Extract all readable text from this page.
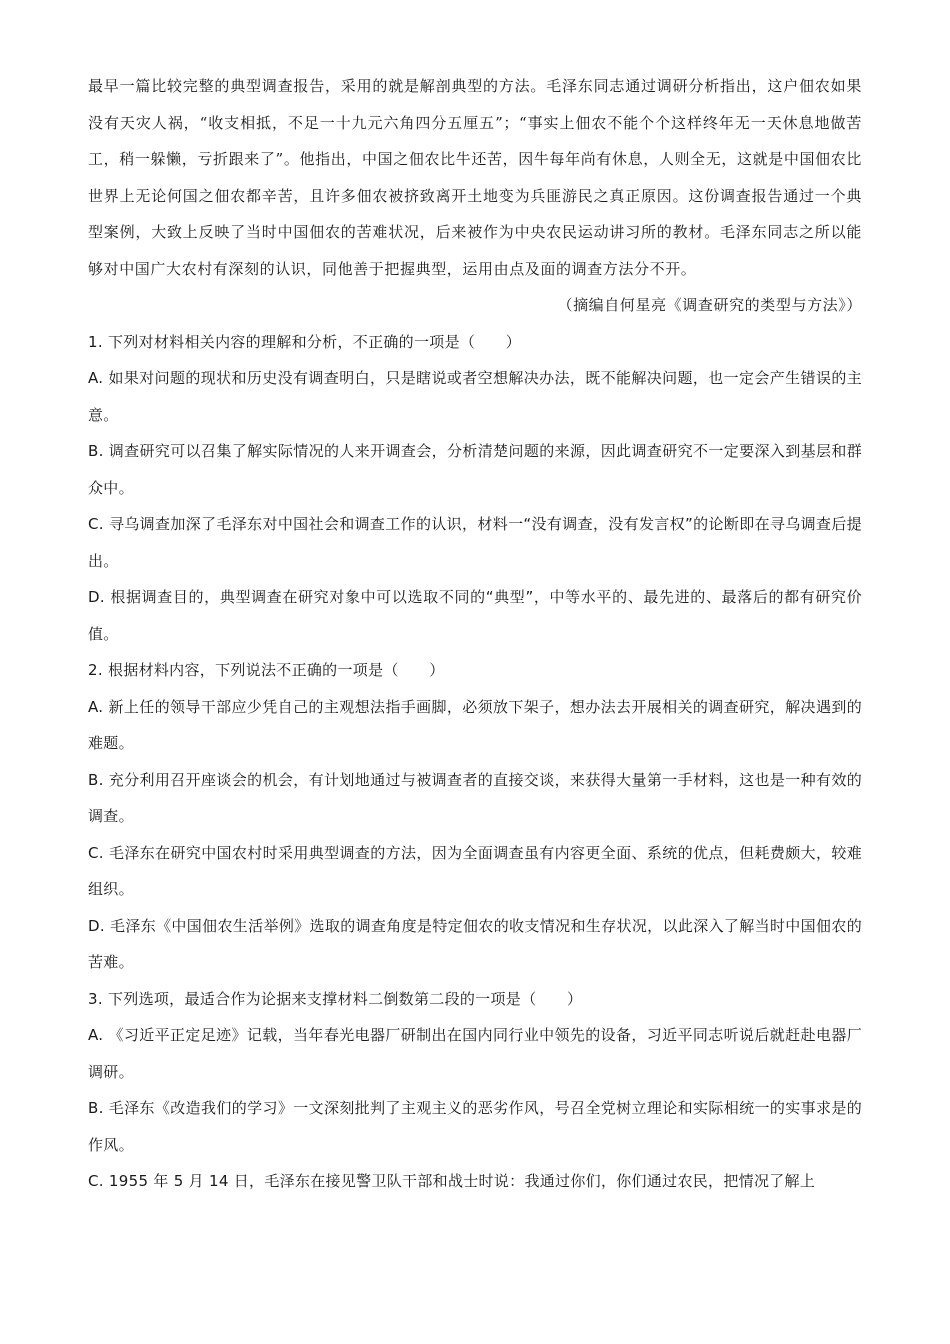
最早一篇比较完整的典型调查报告，采用的就是解剖典型的方法。毛泽东同志通过调研分析指出，这户佃农如果没有天灾人祸，“收支相抵，不足一十九元六角四分五厘五”；“事实上佃农不能个个这样终年无一天休息地做苦工，稍一躲懒，亏折跟来了”。他指出，中国之佃农比牛还苦，因牛每年尚有休息，人则全无，这就是中国佃农比世界上无论何国之佃农都辛苦，且许多佃农被挤致离开土地变为兵匪游民之真正原因。这份调查报告通过一个典型案例，大致上反映了当时中国佃农的苦难状况，后来被作为中央农民运动讲习所的教材。毛泽东同志之所以能够对中国广大农村有深刻的认识，同他善于把握典型，运用由点及面的调查方法分不开。

（摘编自何星亮《调查研究的类型与方法》）

1. 下列对材料相关内容的理解和分析，不正确的一项是（　　）

A. 如果对问题的现状和历史没有调查明白，只是瞎说或者空想解决办法，既不能解决问题，也一定会产生错误的主意。

B. 调查研究可以召集了解实际情况的人来开调查会，分析清楚问题的来源，因此调查研究不一定要深入到基层和群众中。

C. 寻乌调查加深了毛泽东对中国社会和调查工作的认识，材料一“没有调查，没有发言权”的论断即在寻乌调查后提出。

D. 根据调查目的，典型调查在研究对象中可以选取不同的“典型”，中等水平的、最先进的、最落后的都有研究价值。

2. 根据材料内容，下列说法不正确的一项是（　　）

A. 新上任的领导干部应少凭自己的主观想法指手画脚，必须放下架子，想办法去开展相关的调查研究，解决遇到的难题。

B. 充分利用召开座谈会的机会，有计划地通过与被调查者的直接交谈，来获得大量第一手材料，这也是一种有效的调查。

C. 毛泽东在研究中国农村时采用典型调查的方法，因为全面调查虽有内容更全面、系统的优点，但耗费颇大，较难组织。

D. 毛泽东《中国佃农生活举例》选取的调查角度是特定佃农的收支情况和生存状况，以此深入了解当时中国佃农的苦难。

3. 下列选项，最适合作为论据来支撑材料二倒数第二段的一项是（　　）

A. 《习近平正定足迹》记载，当年春光电器厂研制出在国内同行业中领先的设备，习近平同志听说后就赶赴电器厂调研。

B. 毛泽东《改造我们的学习》一文深刻批判了主观主义的恶劣作风，号召全党树立理论和实际相统一的实事求是的作风。

C. 1955 年 5 月 14 日，毛泽东在接见警卫队干部和战士时说：我通过你们，你们通过农民，把情况了解上
